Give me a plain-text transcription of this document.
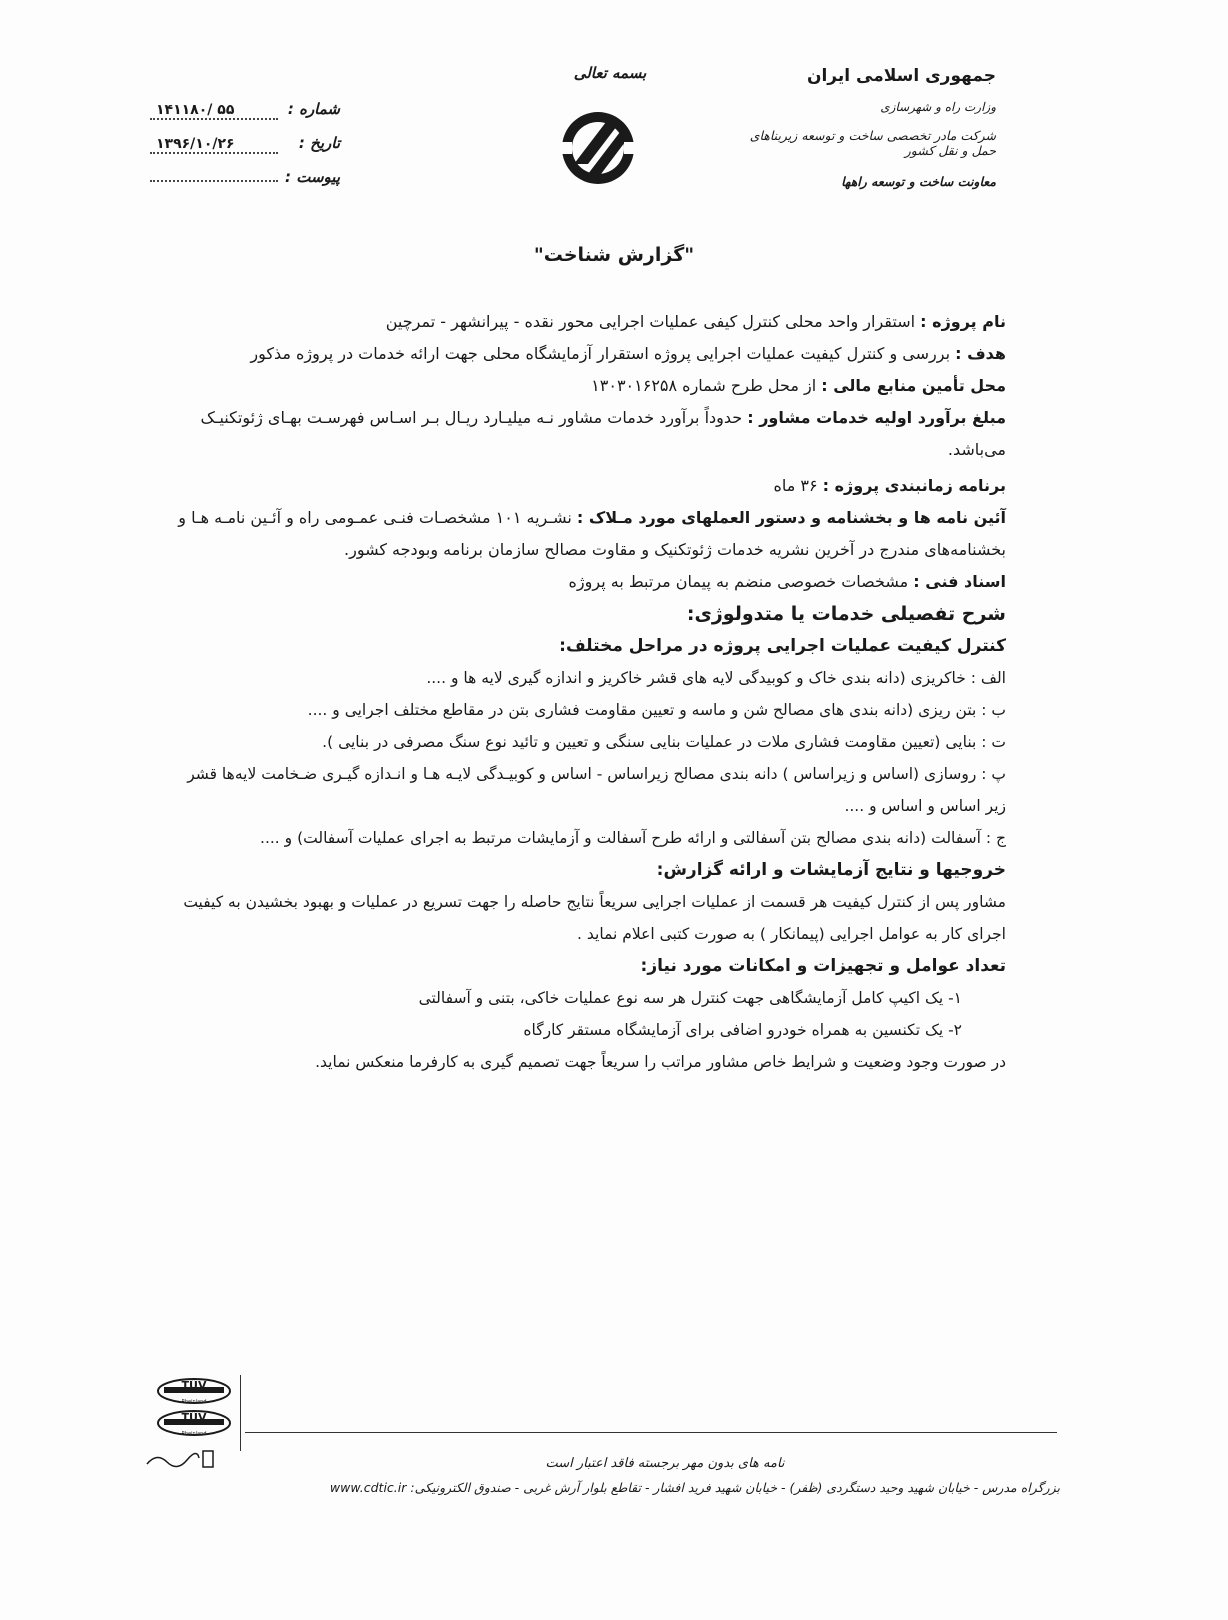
جمهوری اسلامی ایران
وزارت راه و شهرسازی
شرکت مادر تخصصی ساخت و توسعه زیربناهای حمل و نقل کشور
معاونت ساخت و توسعه راهها
بسمه تعالی
شماره :
۵۵ /۱۴۱۱۸۰
تاریخ :
۱۳۹۶/۱۰/۲۶
پیوست :
"گزارش شناخت"

نام پروژه : استقرار واحد محلی کنترل کیفی عملیات اجرایی محور نقده - پیرانشهر - تمرچین

هدف : بررسی و کنترل کیفیت عملیات اجرایی پروژه استقرار آزمایشگاه محلی جهت ارائه خدمات در پروژه مذکور

محل تأمین منابع مالی : از محل طرح شماره ۱۳۰۳۰۱۶۲۵۸

مبلغ برآورد اولیه خدمات مشاور : حدوداً برآورد خدمات مشاور نـه میلیـارد ریـال بـر اسـاس فهرسـت بهـای ژئوتکنیـک می‌باشد.

برنامه زمانبندی پروژه : ۳۶ ماه

آئین نامه ها و بخشنامه و دستور العملهای مورد مـلاک : نشـریه ۱۰۱ مشخصـات فنـی عمـومی راه و آئـین نامـه هـا و بخشنامه‌های مندرج در آخرین نشریه خدمات ژئوتکنیک و مقاوت مصالح سازمان برنامه وبودجه کشور.

اسناد فنی : مشخصات خصوصی منضم به پیمان مرتبط به پروژه

شرح تفصیلی خدمات یا متدولوژی:

کنترل کیفیت عملیات اجرایی پروژه در مراحل مختلف:

الف : خاکریزی (دانه بندی خاک و کوبیدگی لایه های قشر خاکریز و اندازه گیری لایه ها و ....

ب : بتن ریزی (دانه بندی های مصالح شن و ماسه و تعیین مقاومت فشاری بتن در مقاطع مختلف اجرایی و ....

ت : بنایی (تعیین مقاومت فشاری ملات در عملیات بنایی سنگی و تعیین و تائید نوع سنگ مصرفی در بنایی ).

پ : روسازی (اساس و زیراساس ) دانه بندی مصالح زیراساس - اساس و کوبیـدگی لایـه هـا و انـدازه گیـری ضـخامت لایه‌ها قشر زیر اساس و اساس و ....

ج : آسفالت (دانه بندی مصالح بتن آسفالتی و ارائه طرح آسفالت و آزمایشات مرتبط به اجرای عملیات آسفالت) و ....

خروجیها و نتایج آزمایشات و ارائه گزارش:

مشاور پس از کنترل کیفیت هر قسمت از عملیات اجرایی سریعاً نتایج حاصله را جهت تسریع در عملیات و بهبود بخشیدن به کیفیت اجرای کار به عوامل اجرایی (پیمانکار ) به صورت کتبی اعلام نماید .

تعداد عوامل و تجهیزات و امکانات مورد نیاز:

۱- یک اکیپ کامل آزمایشگاهی جهت کنترل هر سه نوع عملیات خاکی، بتنی و آسفالتی

۲- یک تکنسین به همراه خودرو اضافی برای آزمایشگاه مستقر کارگاه

در صورت وجود وضعیت و شرایط خاص مشاور مراتب را سریعاً جهت تصمیم گیری به کارفرما منعکس نماید.

TÜV
Rheinland
TÜV
Rheinland
نامه های بدون مهر برجسته فاقد اعتبار است
بزرگراه مدرس - خیابان شهید وحید دستگردی (ظفر) - خیابان شهید فرید افشار - تقاطع بلوار آرش غربی - صندوق الکترونیکی: www.cdtic.ir
